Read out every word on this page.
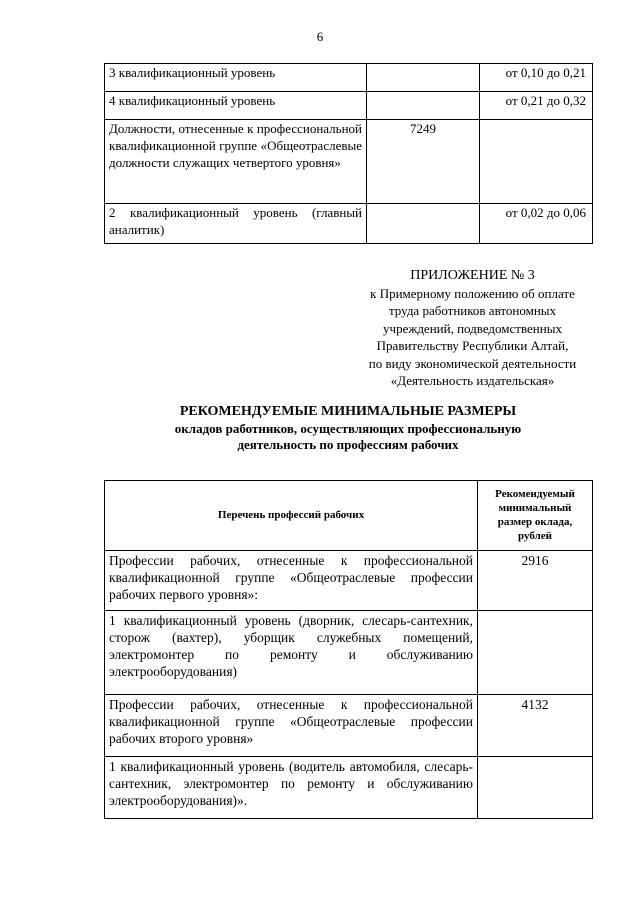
6
3 квалификационный уровень		от 0,10 до 0,21
4 квалификационный уровень		от 0,21 до 0,32
Должности, отнесенные к профессиональной квалификационной группе «Общеотраслевые должности служащих четвертого уровня»	7249	
2 квалификационный уровень (главный аналитик)		от 0,02 до 0,06
ПРИЛОЖЕНИЕ № 3
к Примерному положению об оплате
труда работников автономных
учреждений, подведомственных
Правительству Республики Алтай,
по виду экономической деятельности
«Деятельность издательская»
РЕКОМЕНДУЕМЫЕ МИНИМАЛЬНЫЕ РАЗМЕРЫ
окладов работников, осуществляющих профессиональную
деятельность по профессиям рабочих
Перечень профессий рабочих	Рекомендуемый минимальный размер оклада, рублей
Профессии рабочих, отнесенные к профессиональной квалификационной группе «Общеотраслевые профессии рабочих первого уровня»:	2916
1 квалификационный уровень (дворник, слесарь-сантехник, сторож (вахтер), уборщик служебных помещений, электромонтер по ремонту и обслуживанию электрооборудования)	
Профессии рабочих, отнесенные к профессиональной квалификационной группе «Общеотраслевые профессии рабочих второго уровня»	4132
1 квалификационный уровень (водитель автомобиля, слесарь-сантехник, электромонтер по ремонту и обслуживанию электрооборудования)».	
